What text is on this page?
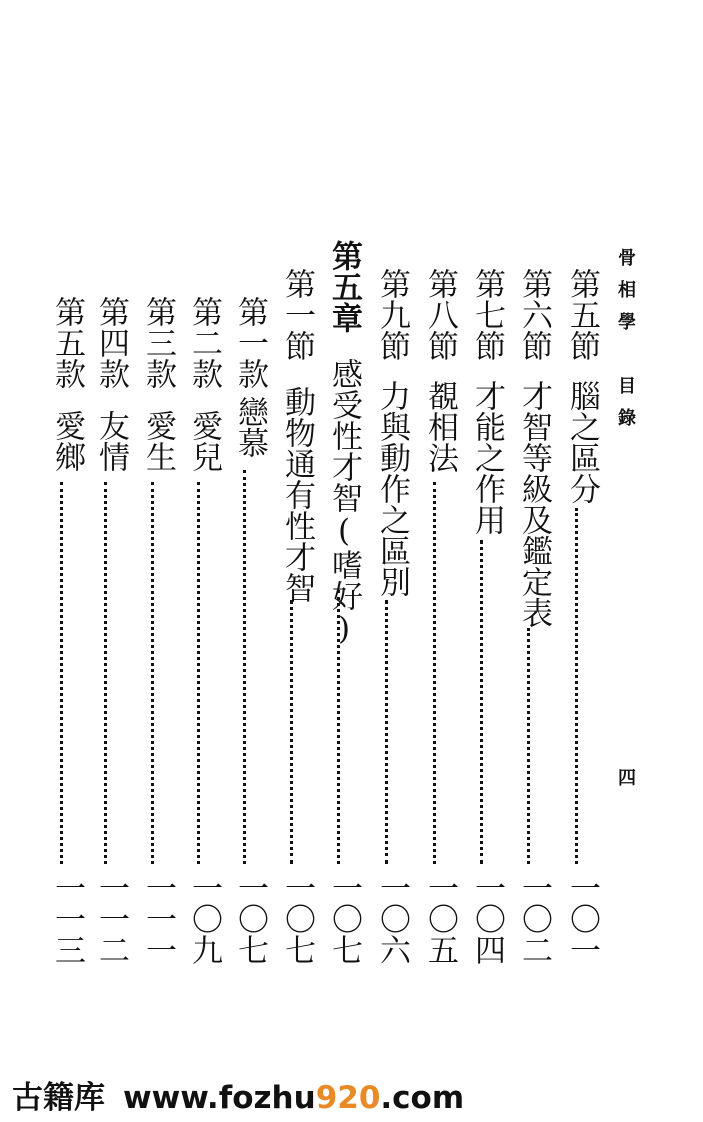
骨相學　目錄
四
第五節
腦之區分
一〇一
第六節
才智等級及鑑定表
一〇二
第七節
才能之作用
一〇四
第八節
覩相法
一〇五
第九節
力與動作之區別
一〇六
第五章
感受性才智(嗜好)
一〇七
第一節
動物通有性才智
一〇七
第一款
戀慕
一〇七
第二款
愛兒
一〇九
第三款
愛生
一一一
第四款
友情
一一二
第五款
愛鄉
一一三
古籍库 www.fozhu920.com
